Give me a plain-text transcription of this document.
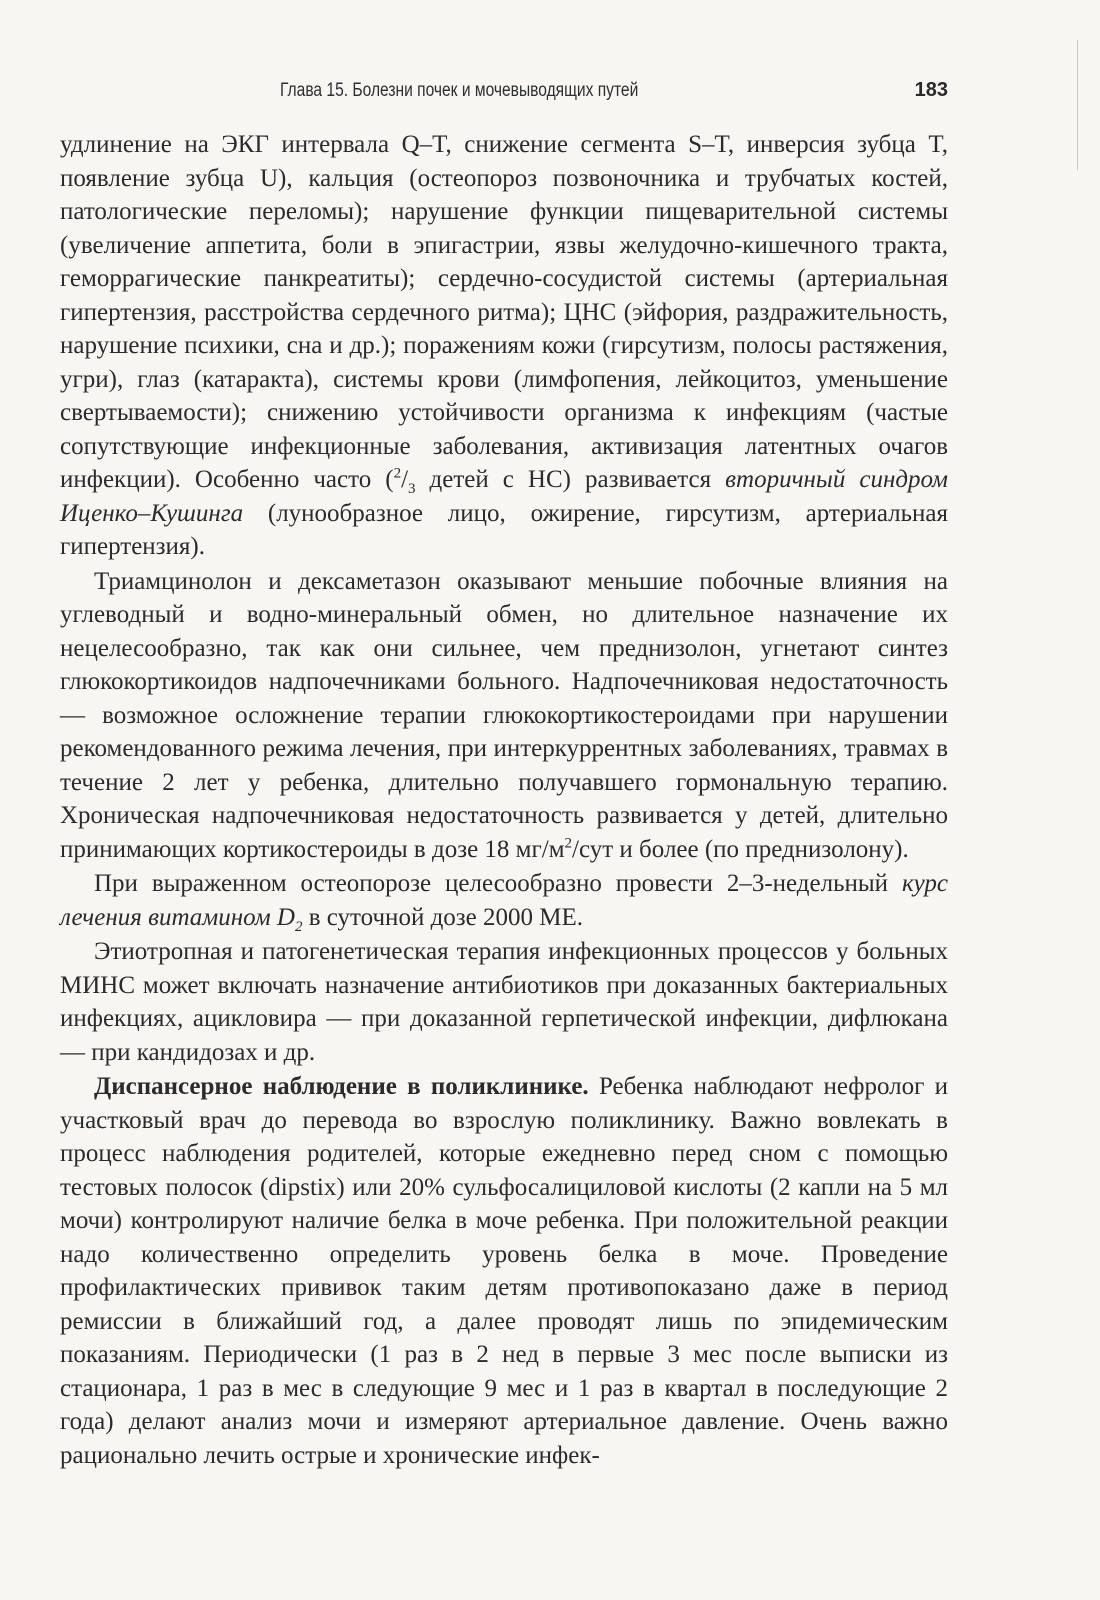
Глава 15. Болезни почек и мочевыводящих путей	183

удлинение на ЭКГ интервала Q–T, снижение сегмента S–T, инверсия зубца T, появление зубца U), кальция (остеопороз позвоночника и трубчатых костей, патологические переломы); нарушение функции пищеварительной системы (увеличение аппетита, боли в эпигастрии, язвы желудочно-кишечного тракта, геморрагические панкреатиты); сердечно-сосудистой системы (артериальная гипертензия, расстройства сердечного ритма); ЦНС (эйфория, раздражительность, нарушение психики, сна и др.); поражениям кожи (гирсутизм, полосы растяжения, угри), глаз (катаракта), системы крови (лимфопения, лейкоцитоз, уменьшение свертываемости); снижению устойчивости организма к инфекциям (частые сопутствующие инфекционные заболевания, активизация латентных очагов инфекции). Особенно часто ($^2/_3$ детей с НС) развивается вторичный синдром Иценко–Кушинга (лунообразное лицо, ожирение, гирсутизм, артериальная гипертензия).

Триамцинолон и дексаметазон оказывают меньшие побочные влияния на углеводный и водно-минеральный обмен, но длительное назначение их нецелесообразно, так как они сильнее, чем преднизолон, угнетают синтез глюкокортикоидов надпочечниками больного. Надпочечниковая недостаточность — возможное осложнение терапии глюкокортикостероидами при нарушении рекомендованного режима лечения, при интеркуррентных заболеваниях, травмах в течение 2 лет у ребенка, длительно получавшего гормональную терапию. Хроническая надпочечниковая недостаточность развивается у детей, длительно принимающих кортикостероиды в дозе 18 $мг/м^2$/сут и более (по преднизолону).

При выраженном остеопорозе целесообразно провести 2–3-недельный курс лечения витамином $D_2$ в суточной дозе 2000 МЕ.

Этиотропная и патогенетическая терапия инфекционных процессов у больных МИНС может включать назначение антибиотиков при доказанных бактериальных инфекциях, ацикловира — при доказанной герпетической инфекции, дифлюкана — при кандидозах и др.

Диспансерное наблюдение в поликлинике. Ребенка наблюдают нефролог и участковый врач до перевода во взрослую поликлинику. Важно вовлекать в процесс наблюдения родителей, которые ежедневно перед сном с помощью тестовых полосок (dipstix) или 20% сульфосалициловой кислоты (2 капли на 5 мл мочи) контролируют наличие белка в моче ребенка. При положительной реакции надо количественно определить уровень белка в моче. Проведение профилактических прививок таким детям противопоказано даже в период ремиссии в ближайший год, а далее проводят лишь по эпидемическим показаниям. Периодически (1 раз в 2 нед в первые 3 мес после выписки из стационара, 1 раз в мес в следующие 9 мес и 1 раз в квартал в последующие 2 года) делают анализ мочи и измеряют артериальное давление. Очень важно рационально лечить острые и хронические инфек-
